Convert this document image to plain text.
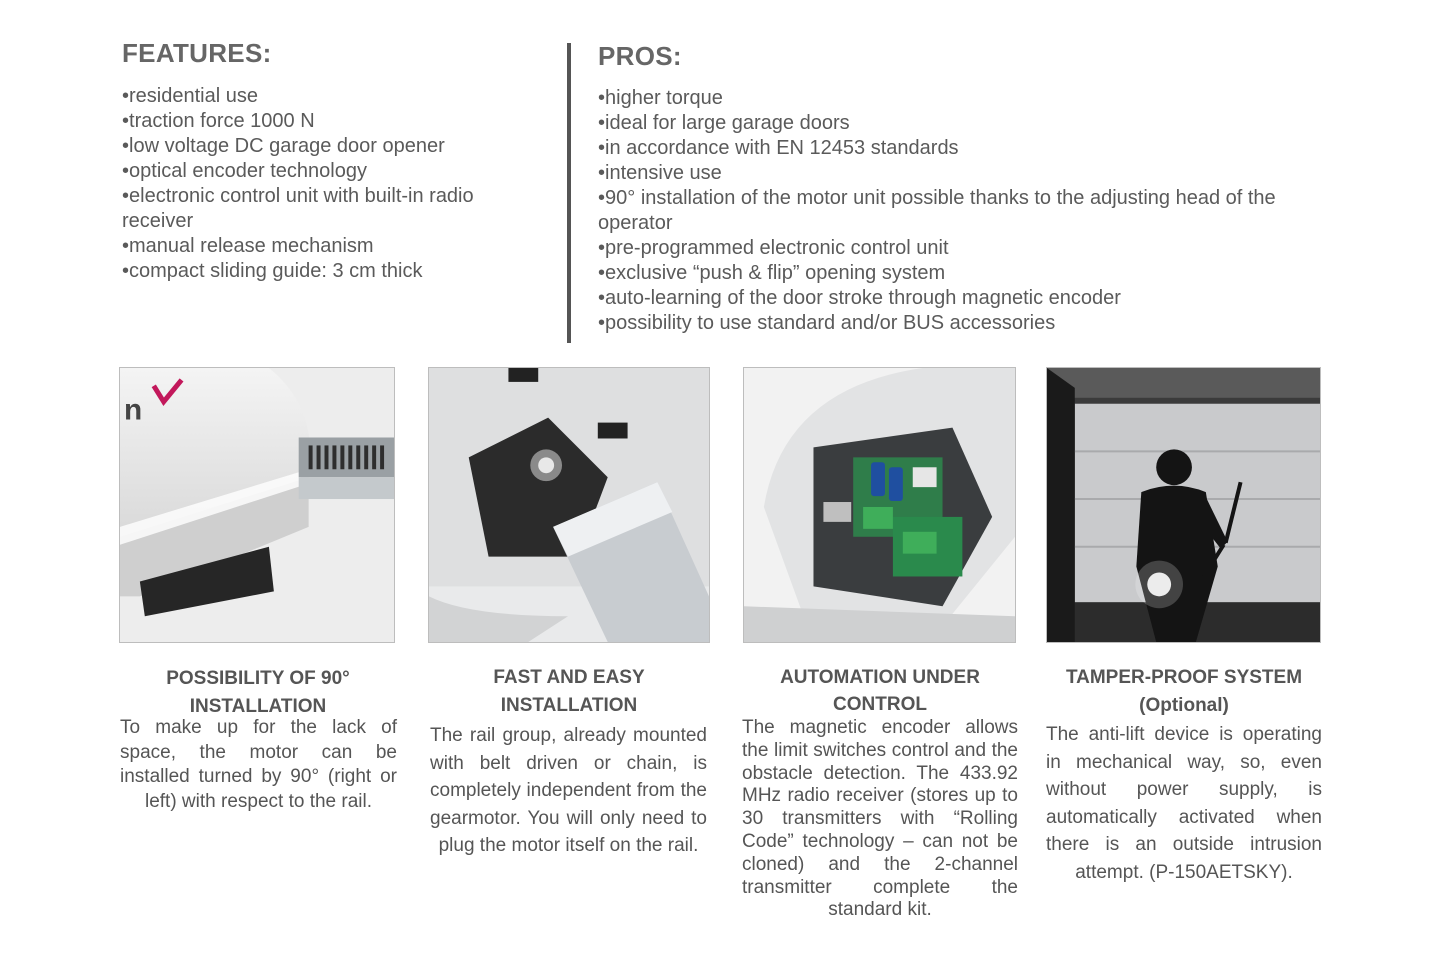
FEATURES:
• residential use
• traction force 1000 N
• low voltage DC garage door opener
• optical encoder technology
• electronic control unit with built-in radio receiver
• manual release mechanism
• compact sliding guide: 3 cm thick
PROS:
• higher torque
• ideal for large garage doors
• in accordance with EN 12453 standards
• intensive use
• 90° installation of the motor unit possible thanks to the adjusting head of the operator
• pre-programmed electronic control unit
• exclusive “push & flip” opening system
• auto-learning of the door stroke through magnetic encoder
• possibility to use standard and/or BUS accessories
n
POSSIBILITY OF 90° INSTALLATION

To make up for the lack of space, the motor can be installed turned by 90° (right or left) with respect to the rail.

FAST AND EASY INSTALLATION

The rail group, already mounted with belt driven or chain, is completely independent from the gearmotor. You will only need to plug the motor itself on the rail.

AUTOMATION UNDER CONTROL

The magnetic encoder allows the limit switches control and the obstacle detection. The 433.92 MHz radio receiver (stores up to 30 transmitters with “Rolling Code” technology – can not be cloned) and the 2-channel transmitter complete the standard kit.

TAMPER-PROOF SYSTEM (Optional)

The anti-lift device is operating in mechanical way, so, even without power supply, is automatically activated when there is an outside intrusion attempt. (P-150AETSKY).
